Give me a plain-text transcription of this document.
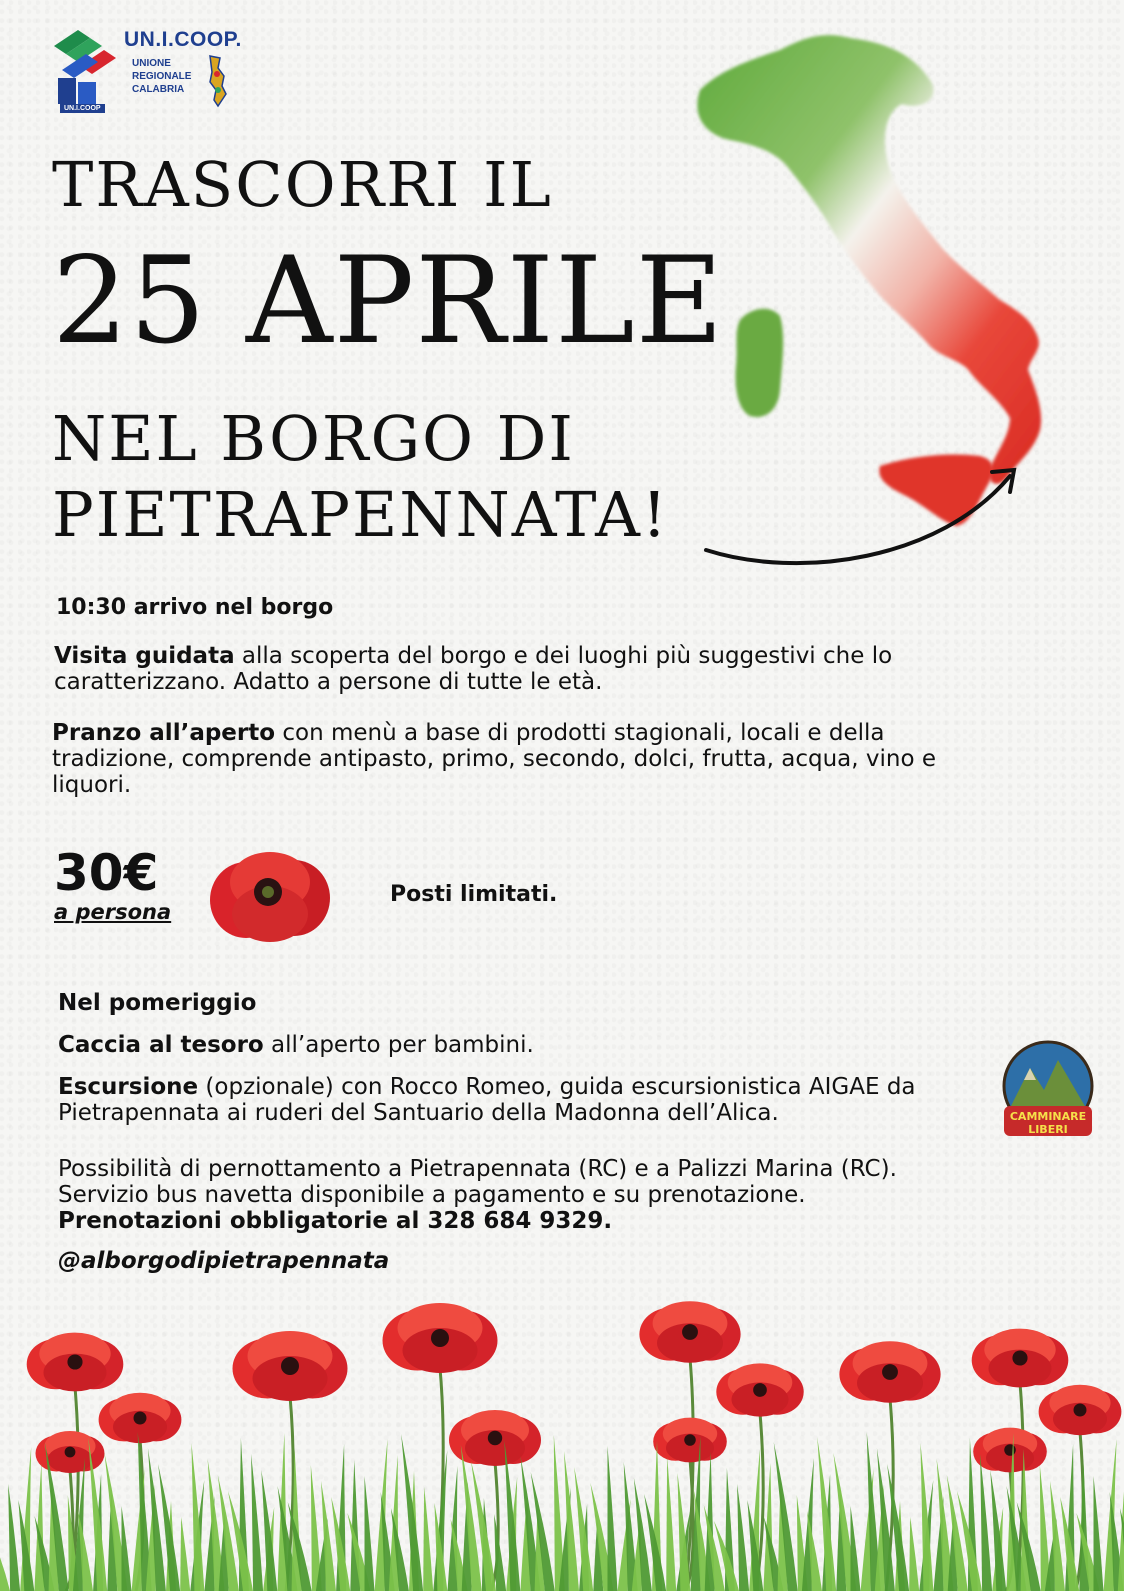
UN.I.COOP.
UNIONE
REGIONALE
CALABRIA
UN.I.COOP
TRASCORRI IL
25 APRILE
NEL BORGO DI
PIETRAPENNATA!
10:30 arrivo nel borgo
Visita guidata alla scoperta del borgo e dei luoghi più suggestivi che lo caratterizzano. Adatto a persone di tutte le età.
Pranzo all’aperto con menù a base di prodotti stagionali, locali e della tradizione, comprende antipasto, primo, secondo, dolci, frutta, acqua, vino e liquori.
30€
a persona
Posti limitati.
Nel pomeriggio
Caccia al tesoro all’aperto per bambini.
Escursione (opzionale) con Rocco Romeo, guida escursionistica AIGAE da Pietrapennata ai ruderi del Santuario della Madonna dell’Alica.	CAMMINARE
LIBERI
Possibilità di pernottamento a Pietrapennata (RC) e a Palizzi Marina (RC).
Servizio bus navetta disponibile a pagamento e su prenotazione.
Prenotazioni obbligatorie al 328 684 9329.
@alborgodipietrapennata
